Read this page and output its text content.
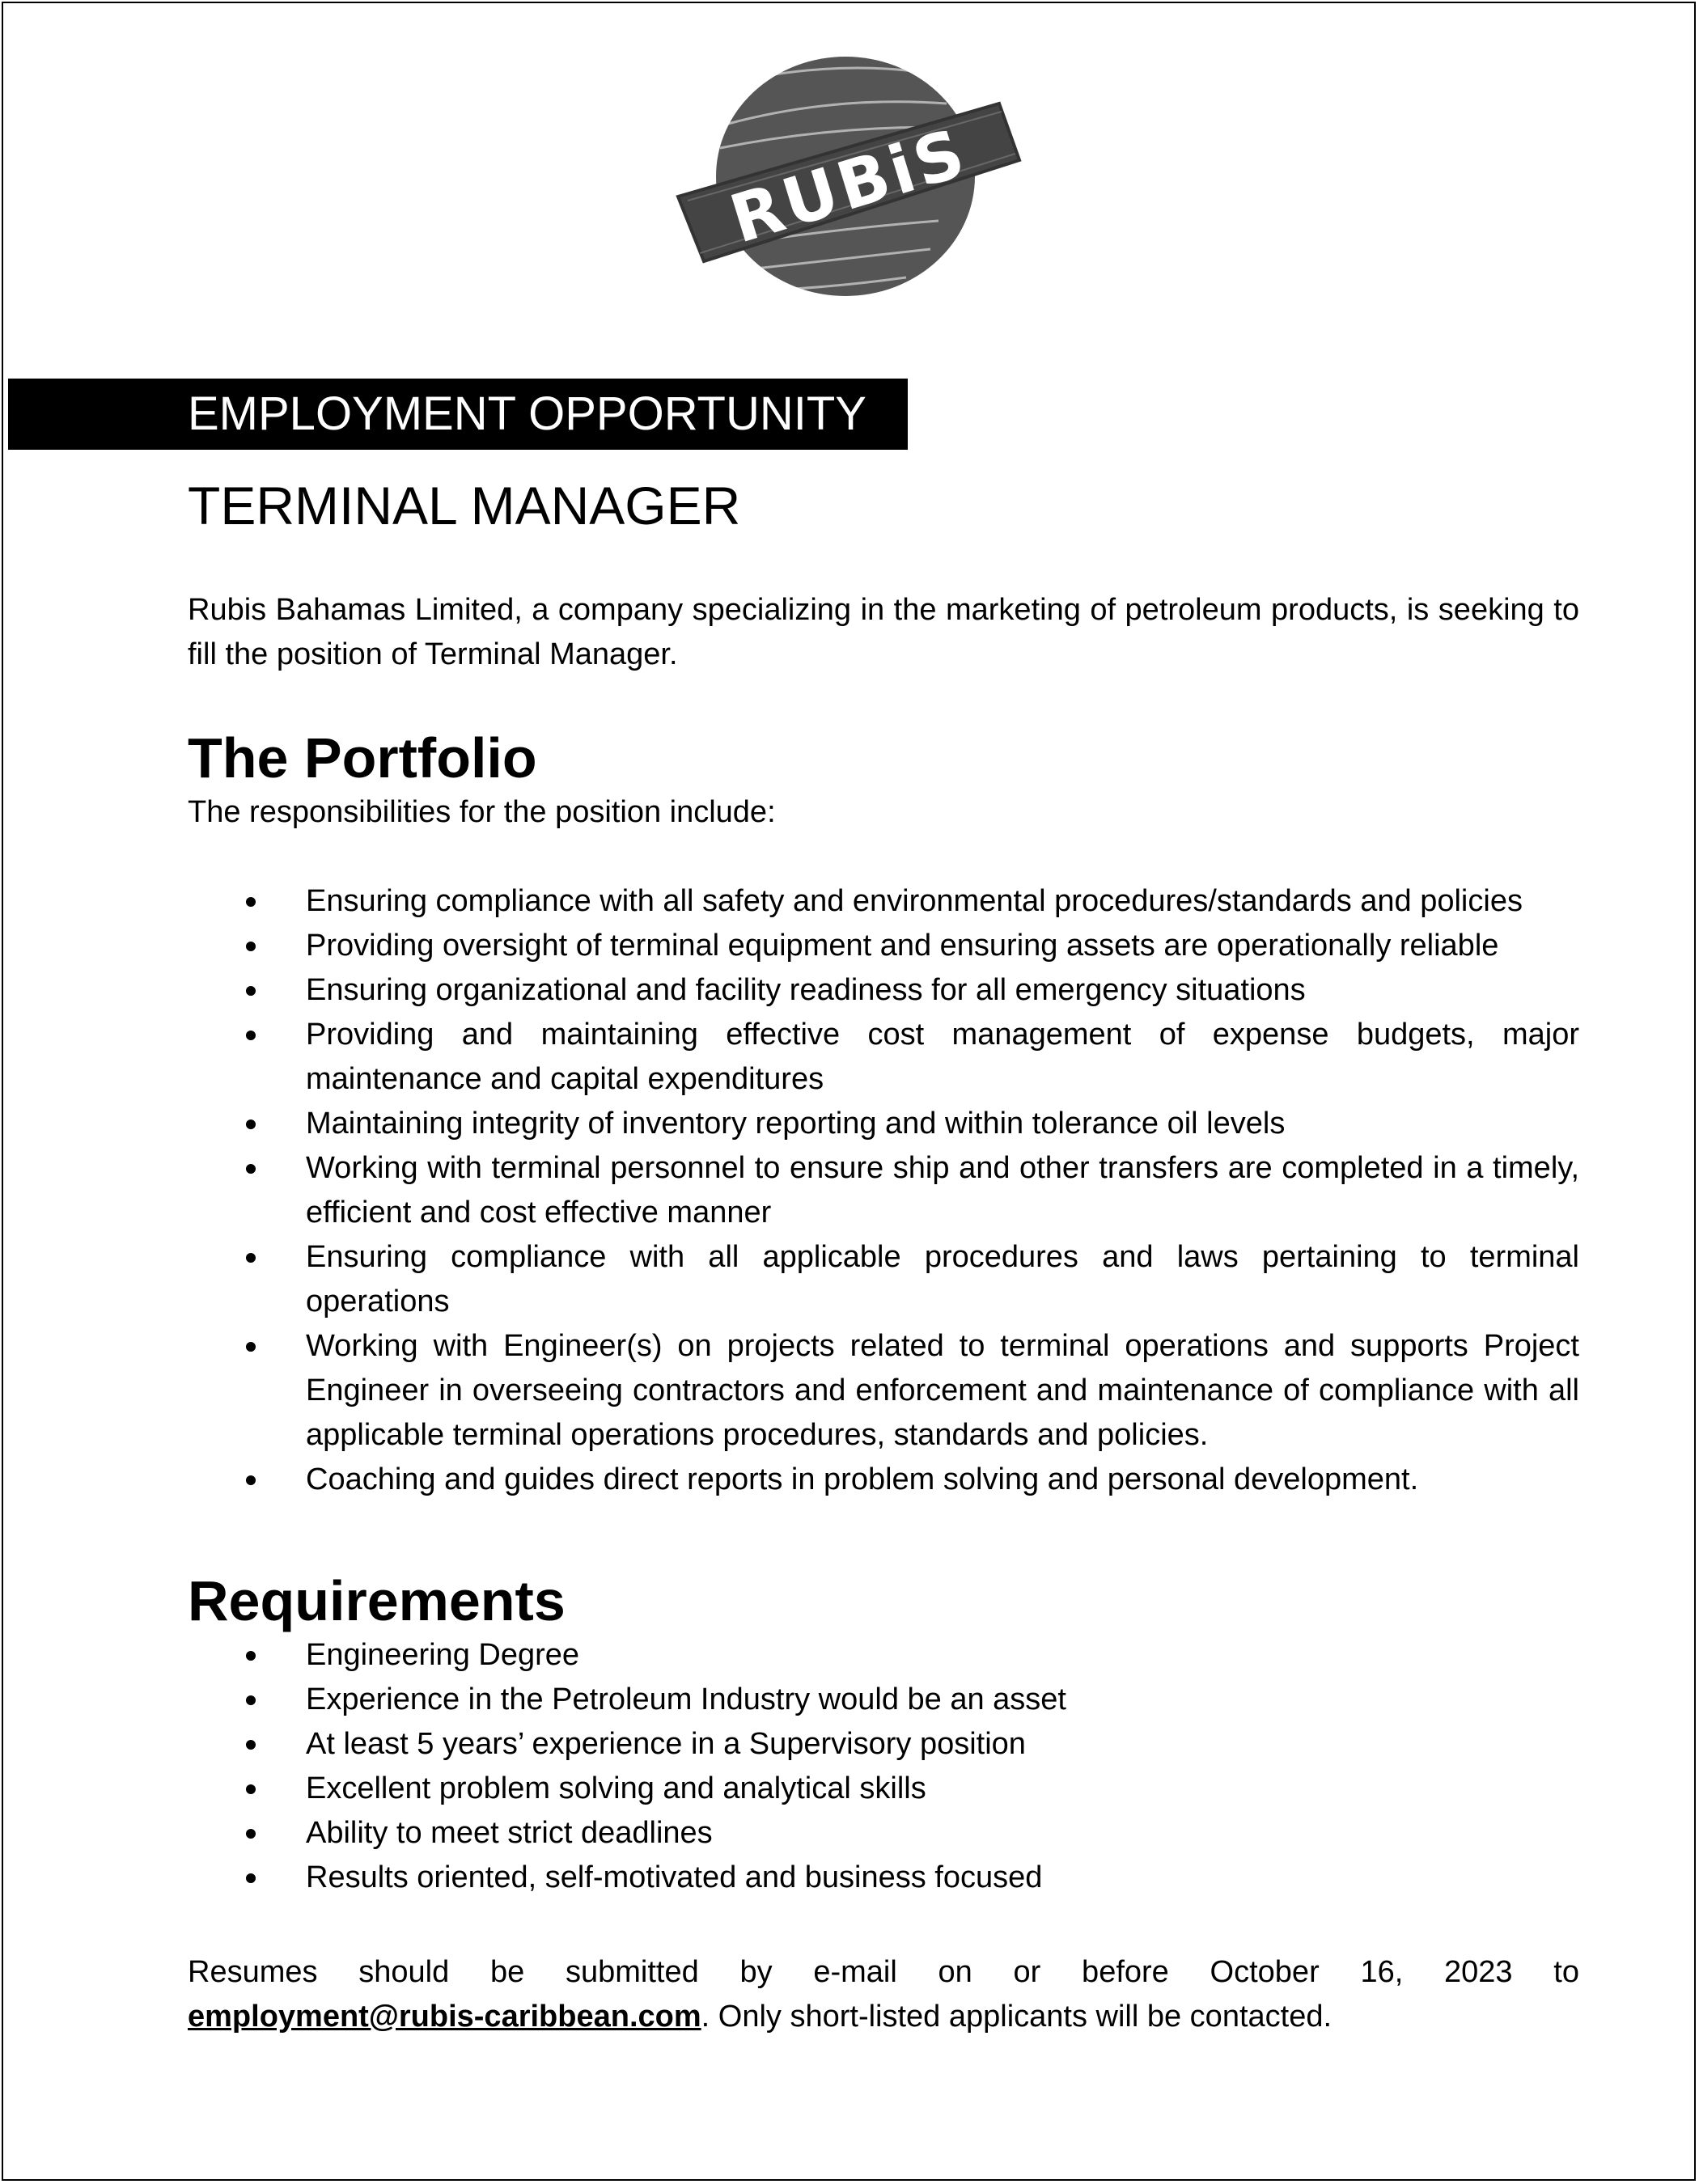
RUBiS
EMPLOYMENT OPPORTUNITY
TERMINAL MANAGER

Rubis Bahamas Limited, a company specializing in the marketing of petroleum products, is seeking to fill the position of Terminal Manager.

The Portfolio

The responsibilities for the position include:

Ensuring compliance with all safety and environmental procedures/standards and policies
Providing oversight of terminal equipment and ensuring assets are operationally reliable
Ensuring organizational and facility readiness for all emergency situations
Providing and maintaining effective cost management of expense budgets, major maintenance and capital expenditures
Maintaining integrity of inventory reporting and within tolerance oil levels
Working with terminal personnel to ensure ship and other transfers are completed in a timely, efficient and cost effective manner
Ensuring compliance with all applicable procedures and laws pertaining to terminal operations
Working with Engineer(s) on projects related to terminal operations and supports Project Engineer in overseeing contractors and enforcement and maintenance of compliance with all applicable terminal operations procedures, standards and policies.
Coaching and guides direct reports in problem solving and personal development.
Requirements
Engineering Degree
Experience in the Petroleum Industry would be an asset
At least 5 years’ experience in a Supervisory position
Excellent problem solving and analytical skills
Ability to meet strict deadlines
Results oriented, self-motivated and business focused

Resumes should be submitted by e-mail on or before October 16, 2023 to

employment@rubis-caribbean.com. Only short-listed applicants will be contacted.
